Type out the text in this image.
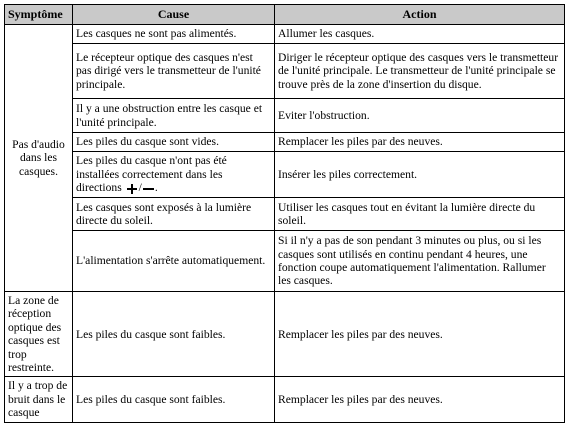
Symptôme	Cause	Action
Pas d'audio dans les casques.	Les casques ne sont pas alimentés.	Allumer les casques.
	Le récepteur optique des casques n'est pas dirigé vers le transmetteur de l'unité principale.	Diriger le récepteur optique des casques vers le transmetteur de l'unité principale. Le transmetteur de l'unité principale se trouve près de la zone d'insertion du disque.
	Il y a une obstruction entre les casque et l'unité principale.	Eviter l'obstruction.
	Les piles du casque sont vides.	Remplacer les piles par des neuves.
	Les piles du casque n'ont pas été installées correctement dans les directions / .	Insérer les piles correctement.
	Les casques sont exposés à la lumière directe du soleil.	Utiliser les casques tout en évitant la lumière directe du soleil.
	L'alimentation s'arrête automatiquement.	Si il n'y a pas de son pendant 3 minutes ou plus, ou si les casques sont utilisés en continu pendant 4 heures, une fonction coupe automatiquement l'alimentation. Rallumer les casques.
La zone de réception optique des casques est trop restreinte.	Les piles du casque sont faibles.	Remplacer les piles par des neuves.
Il y a trop de bruit dans le casque	Les piles du casque sont faibles.	Remplacer les piles par des neuves.
